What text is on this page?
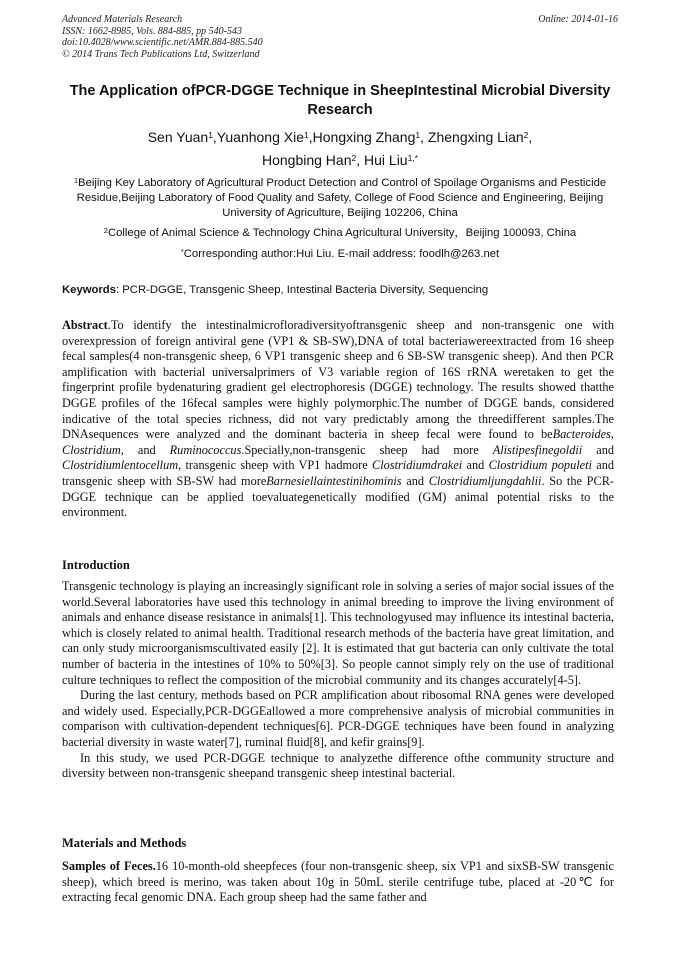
Advanced Materials Research
ISSN: 1662-8985, Vols. 884-885, pp 540-543
doi:10.4028/www.scientific.net/AMR.884-885.540
© 2014 Trans Tech Publications Ltd, Switzerland
Online: 2014-01-16
The Application ofPCR-DGGE Technique in SheepIntestinal Microbial Diversity Research
Sen Yuan$^1$,Yuanhong Xie$^1$,Hongxing Zhang$^1$, Zhengxing Lian$^2$,
Hongbing Han$^2$, Hui Liu$^{1,*}$
$^1$Beijing Key Laboratory of Agricultural Product Detection and Control of Spoilage Organisms and Pesticide Residue,Beijing Laboratory of Food Quality and Safety, College of Food Science and Engineering, Beijing University of Agriculture, Beijing 102206, China
$^2$College of Animal Science & Technology China Agricultural University，Beijing 100093, China
*Corresponding author:Hui Liu. E-mail address: foodlh@263.net
Keywords: PCR-DGGE, Transgenic Sheep, Intestinal Bacteria Diversity, Sequencing

Abstract.To identify the intestinalmicrofloradiversityoftransgenic sheep and non-transgenic one with overexpression of foreign antiviral gene (VP1 & SB-SW),DNA of total bacteriawereextracted from 16 sheep fecal samples(4 non-transgenic sheep, 6 VP1 transgenic sheep and 6 SB-SW transgenic sheep). And then PCR amplification with bacterial universalprimers of V3 variable region of 16S rRNA weretaken to get the fingerprint profile bydenaturing gradient gel electrophoresis (DGGE) technology. The results showed thatthe DGGE profiles of the 16fecal samples were highly polymorphic.The number of DGGE bands, considered indicative of the total species richness, did not vary predictably among the threedifferent samples.The DNAsequences were analyzed and the dominant bacteria in sheep fecal were found to beBacteroides, Clostridium, and Ruminococcus.Specially,non-transgenic sheep had more Alistipesfinegoldii and Clostridiumlentocellum, transgenic sheep with VP1 hadmore Clostridiumdrakei and Clostridium populeti and transgenic sheep with SB-SW had moreBarnesiellaintestinihominis and Clostridiumljungdahlii. So the PCR-DGGE technique can be applied toevaluategenetically modified (GM) animal potential risks to the environment.

Introduction

Transgenic technology is playing an increasingly significant role in solving a series of major social issues of the world.Several laboratories have used this technology in animal breeding to improve the living environment of animals and enhance disease resistance in animals[1]. This technologyused may influence its intestinal bacteria, which is closely related to animal health. Traditional research methods of the bacteria have great limitation, and can only study microorganismscultivated easily [2]. It is estimated that gut bacteria can only cultivate the total number of bacteria in the intestines of 10% to 50%[3]. So people cannot simply rely on the use of traditional culture techniques to reflect the composition of the microbial community and its changes accurately[4-5].

During the last century, methods based on PCR amplification about ribosomal RNA genes were developed and widely used. Especially,PCR-DGGEallowed a more comprehensive analysis of microbial communities in comparison with cultivation-dependent techniques[6]. PCR-DGGE techniques have been found in analyzing bacterial diversity in waste water[7], ruminal fluid[8], and kefir grains[9].

In this study, we used PCR-DGGE technique to analyzethe difference ofthe community structure and diversity between non-transgenic sheepand transgenic sheep intestinal bacterial.

Materials and Methods

Samples of Feces.16 10-month-old sheepfeces (four non-transgenic sheep, six VP1 and sixSB-SW transgenic sheep), which breed is merino, was taken about 10g in 50mL sterile centrifuge tube, placed at -20℃ for extracting fecal genomic DNA. Each group sheep had the same father and
